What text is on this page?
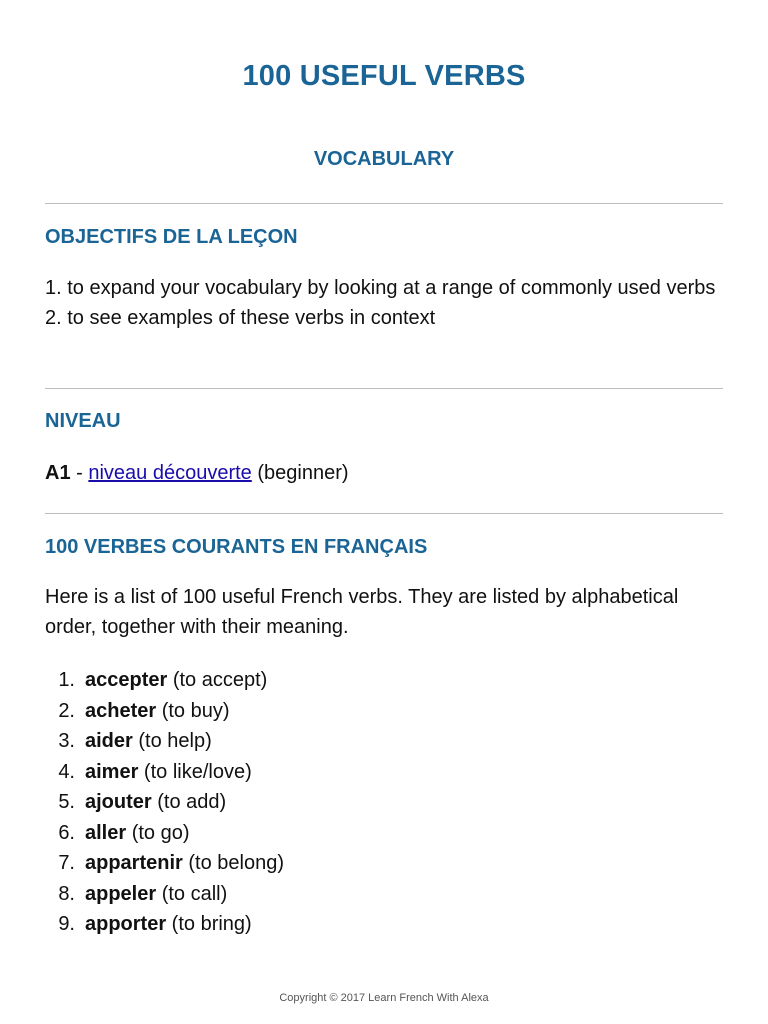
100 USEFUL VERBS
VOCABULARY
OBJECTIFS DE LA LEÇON

1. to expand your vocabulary by looking at a range of commonly used verbs

2. to see examples of these verbs in context

NIVEAU
A1 - niveau découverte (beginner)
100 VERBES COURANTS EN FRANÇAIS
Here is a list of 100 useful French verbs. They are listed by alphabetical order, together with their meaning.
1. accepter (to accept)
2. acheter (to buy)
3. aider (to help)
4. aimer (to like/love)
5. ajouter (to add)
6. aller (to go)
7. appartenir (to belong)
8. appeler (to call)
9. apporter (to bring)
Copyright © 2017 Learn French With Alexa
